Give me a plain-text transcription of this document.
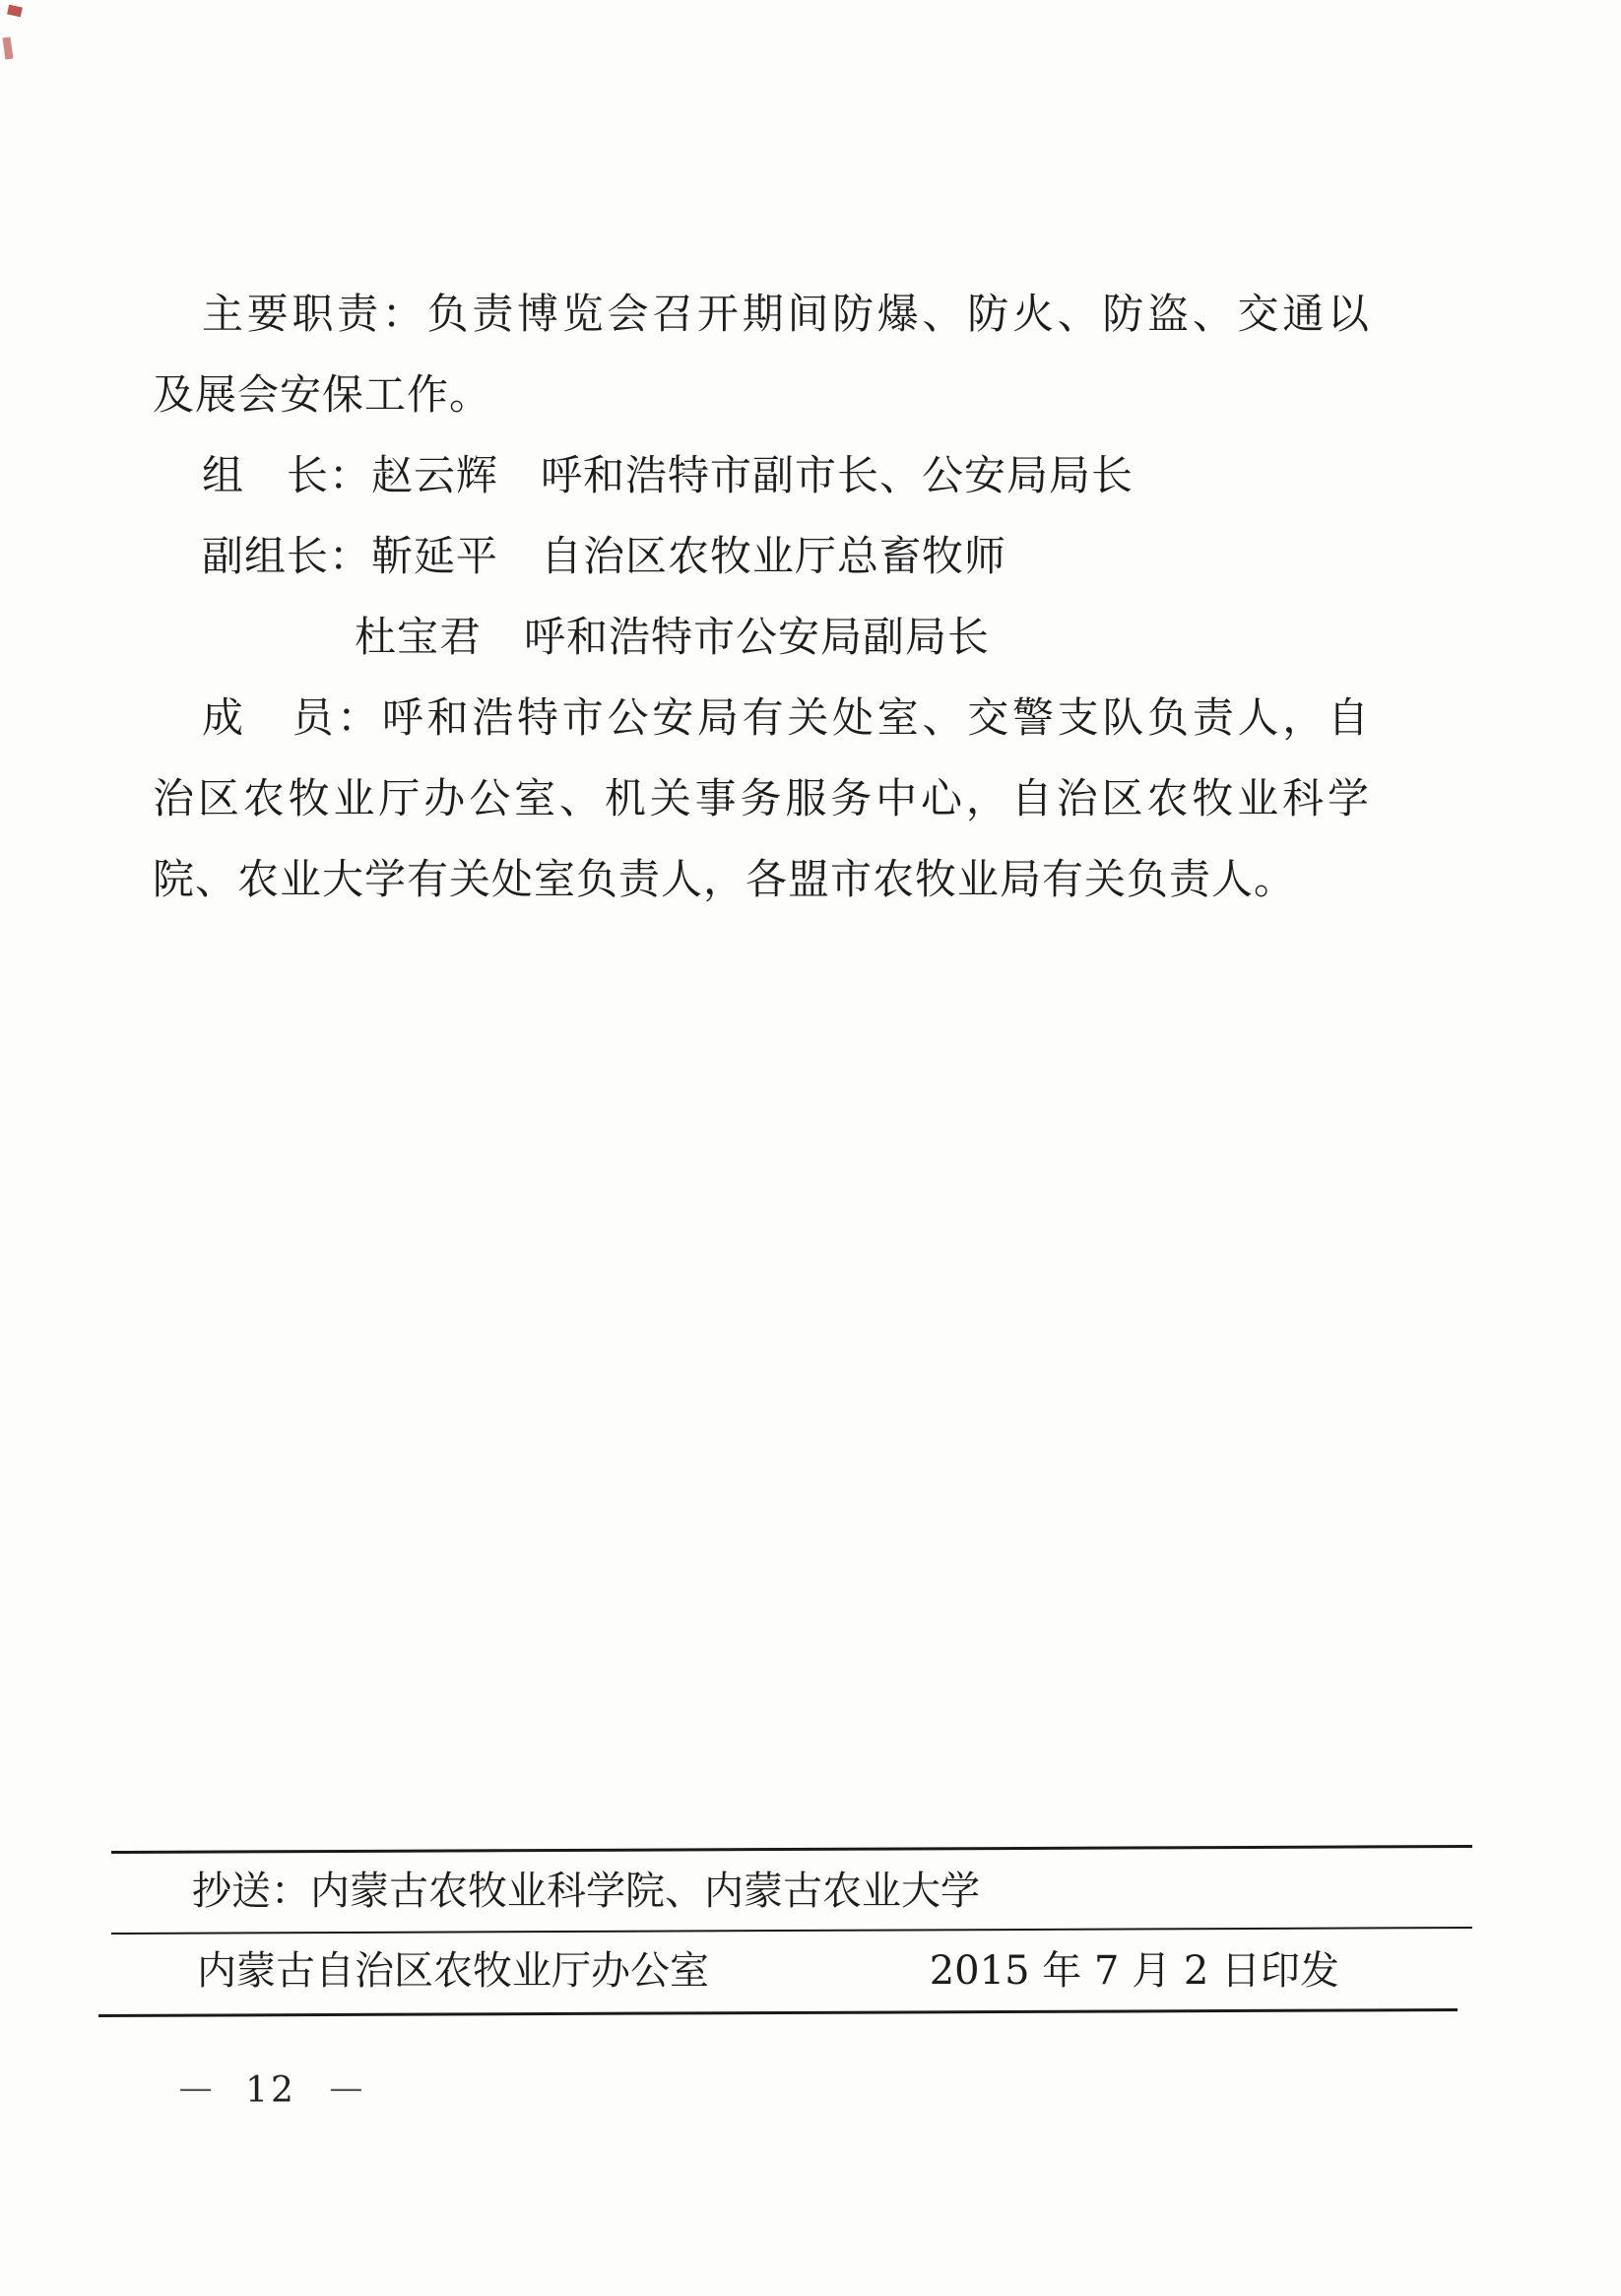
主要职责：负责博览会召开期间防爆、防火、防盗、交通以
及展会安保工作。
组　长：赵云辉　呼和浩特市副市长、公安局局长
副组长：靳延平　自治区农牧业厅总畜牧师
杜宝君　呼和浩特市公安局副局长
成　员：呼和浩特市公安局有关处室、交警支队负责人，自
治区农牧业厅办公室、机关事务服务中心，自治区农牧业科学
院、农业大学有关处室负责人，各盟市农牧业局有关负责人。
抄送：内蒙古农牧业科学院、内蒙古农业大学
内蒙古自治区农牧业厅办公室	2015 年 7 月 2 日印发
— 12 —
